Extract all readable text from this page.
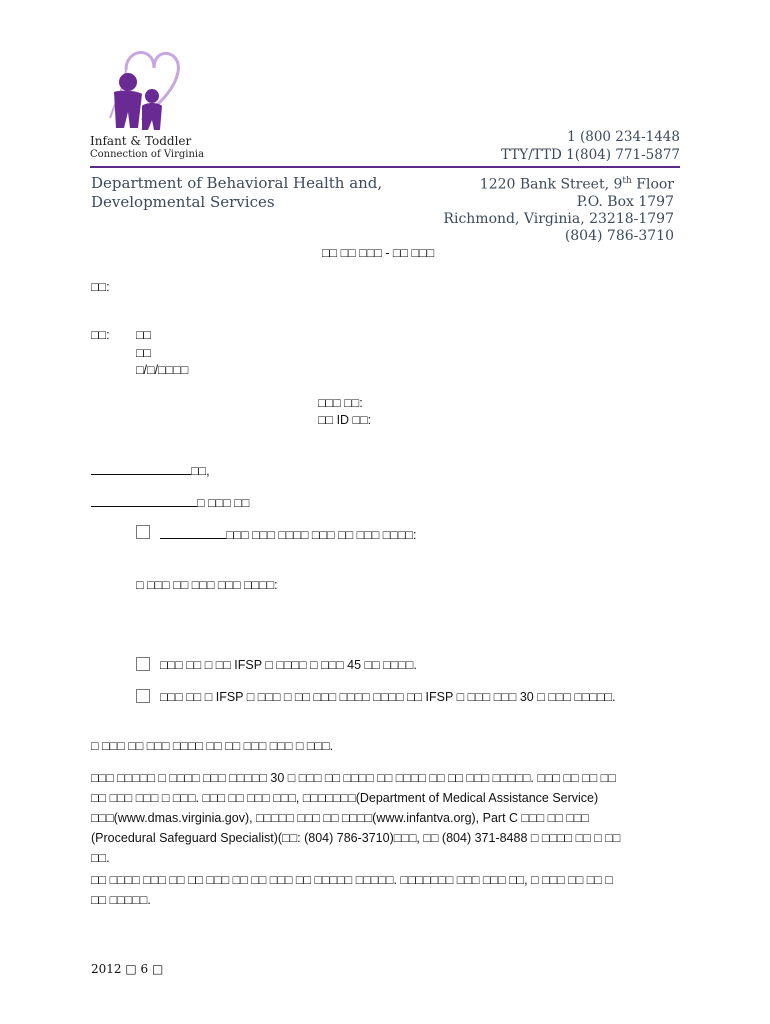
Infant & Toddler
Connection of Virginia
1 (800 234-1448
TTY/TTD 1(804) 771-5877
Department of Behavioral Health and,
Developmental Services
1220 Bank Street, 9th Floor
P.O. Box 1797
Richmond, Virginia, 23218-1797
(804) 786-3710
□□ □□ □□□ - □□ □□□
□□:
□□: □□
□□
□/□/□□□□
□□□ □□:
□□ ID □□:
□□,
□ □□□ □□
□□□ □□□ □□□□ □□□ □□ □□□ □□□□:
□ □□□ □□ □□□ □□□ □□□□:
□□□ □□ □ □□ IFSP □ □□□□ □ □□□ 45 □□ □□□□.
□□□ □□ □ IFSP □ □□□ □ □□ □□□ □□□□ □□□□ □□ IFSP □ □□□ □□□ 30 □ □□□ □□□□□.
□ □□□ □□ □□□ □□□□ □□ □□ □□□ □□□ □ □□□.
□□□ □□□□□ □ □□□□ □□□ □□□□□ 30 □ □□□ □□ □□□□ □□ □□□□ □□ □□ □□□ □□□□□. □□□ □□ □□ □□
□□ □□□ □□□ □ □□□. □□□ □□ □□□ □□□, □□□□□□□(Department of Medical Assistance Service)
□□□(www.dmas.virginia.gov), □□□□□ □□□ □□ □□□□(www.infantva.org), Part C □□□ □□ □□□
(Procedural Safeguard Specialist)(□□: (804) 786-3710)□□□, □□ (804) 371-8488 □ □□□□ □□ □ □□
□□.
□□ □□□□ □□□ □□ □□ □□□ □□ □□ □□□ □□ □□□□□ □□□□□. □□□□□□□ □□□ □□□ □□, □ □□□ □□ □□ □
□□ □□□□□.
2012 □ 6 □
